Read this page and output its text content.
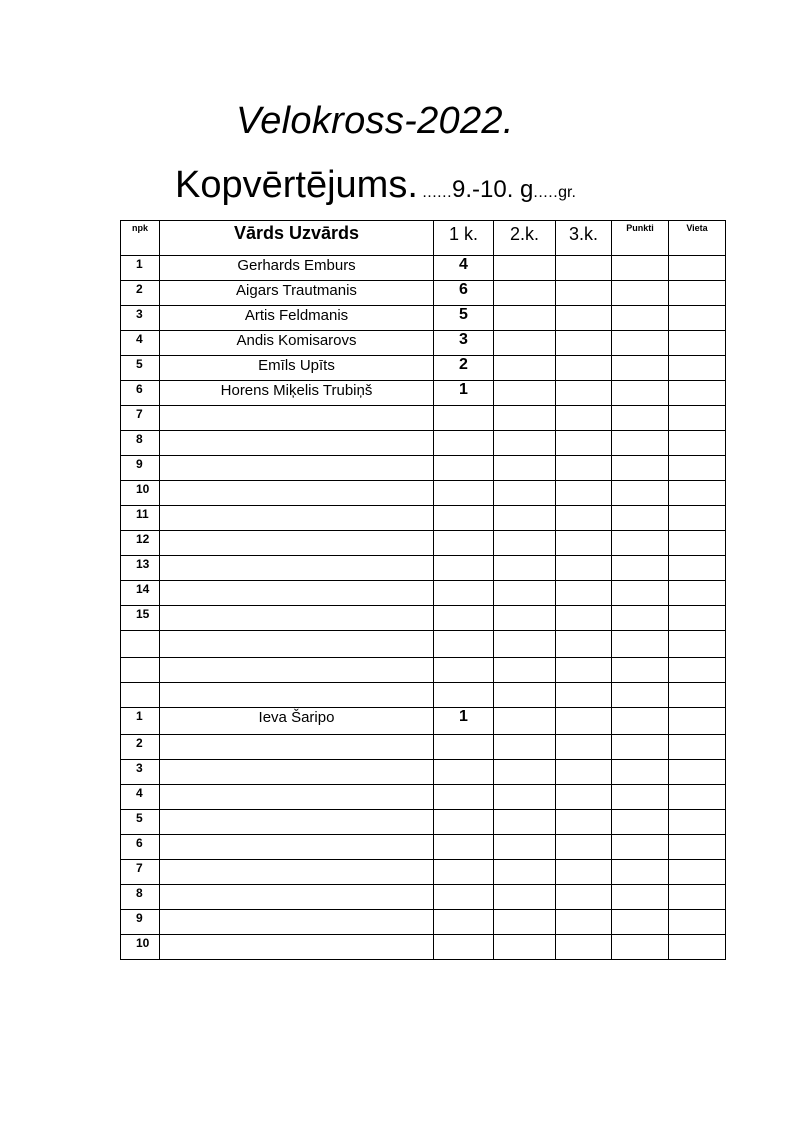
Velokross-2022.
Kopvērtējums. ......9.-10. g.....gr.
npk	Vārds Uzvārds	1 k.	2.k.	3.k.	Punkti	Vieta

1	Gerhards Emburs	4				

2	Aigars Trautmanis	6				

3	Artis Feldmanis	5				

4	Andis Komisarovs	3				

5	Emīls Upīts	2				

6	Horens Miķelis Trubiņš	1				

7						

8						

9						

10						

11						

12						

13						

14						

15						

1	Ieva Šaripo	1				

2						

3						

4						

5						

6						

7						

8						

9						

10						
